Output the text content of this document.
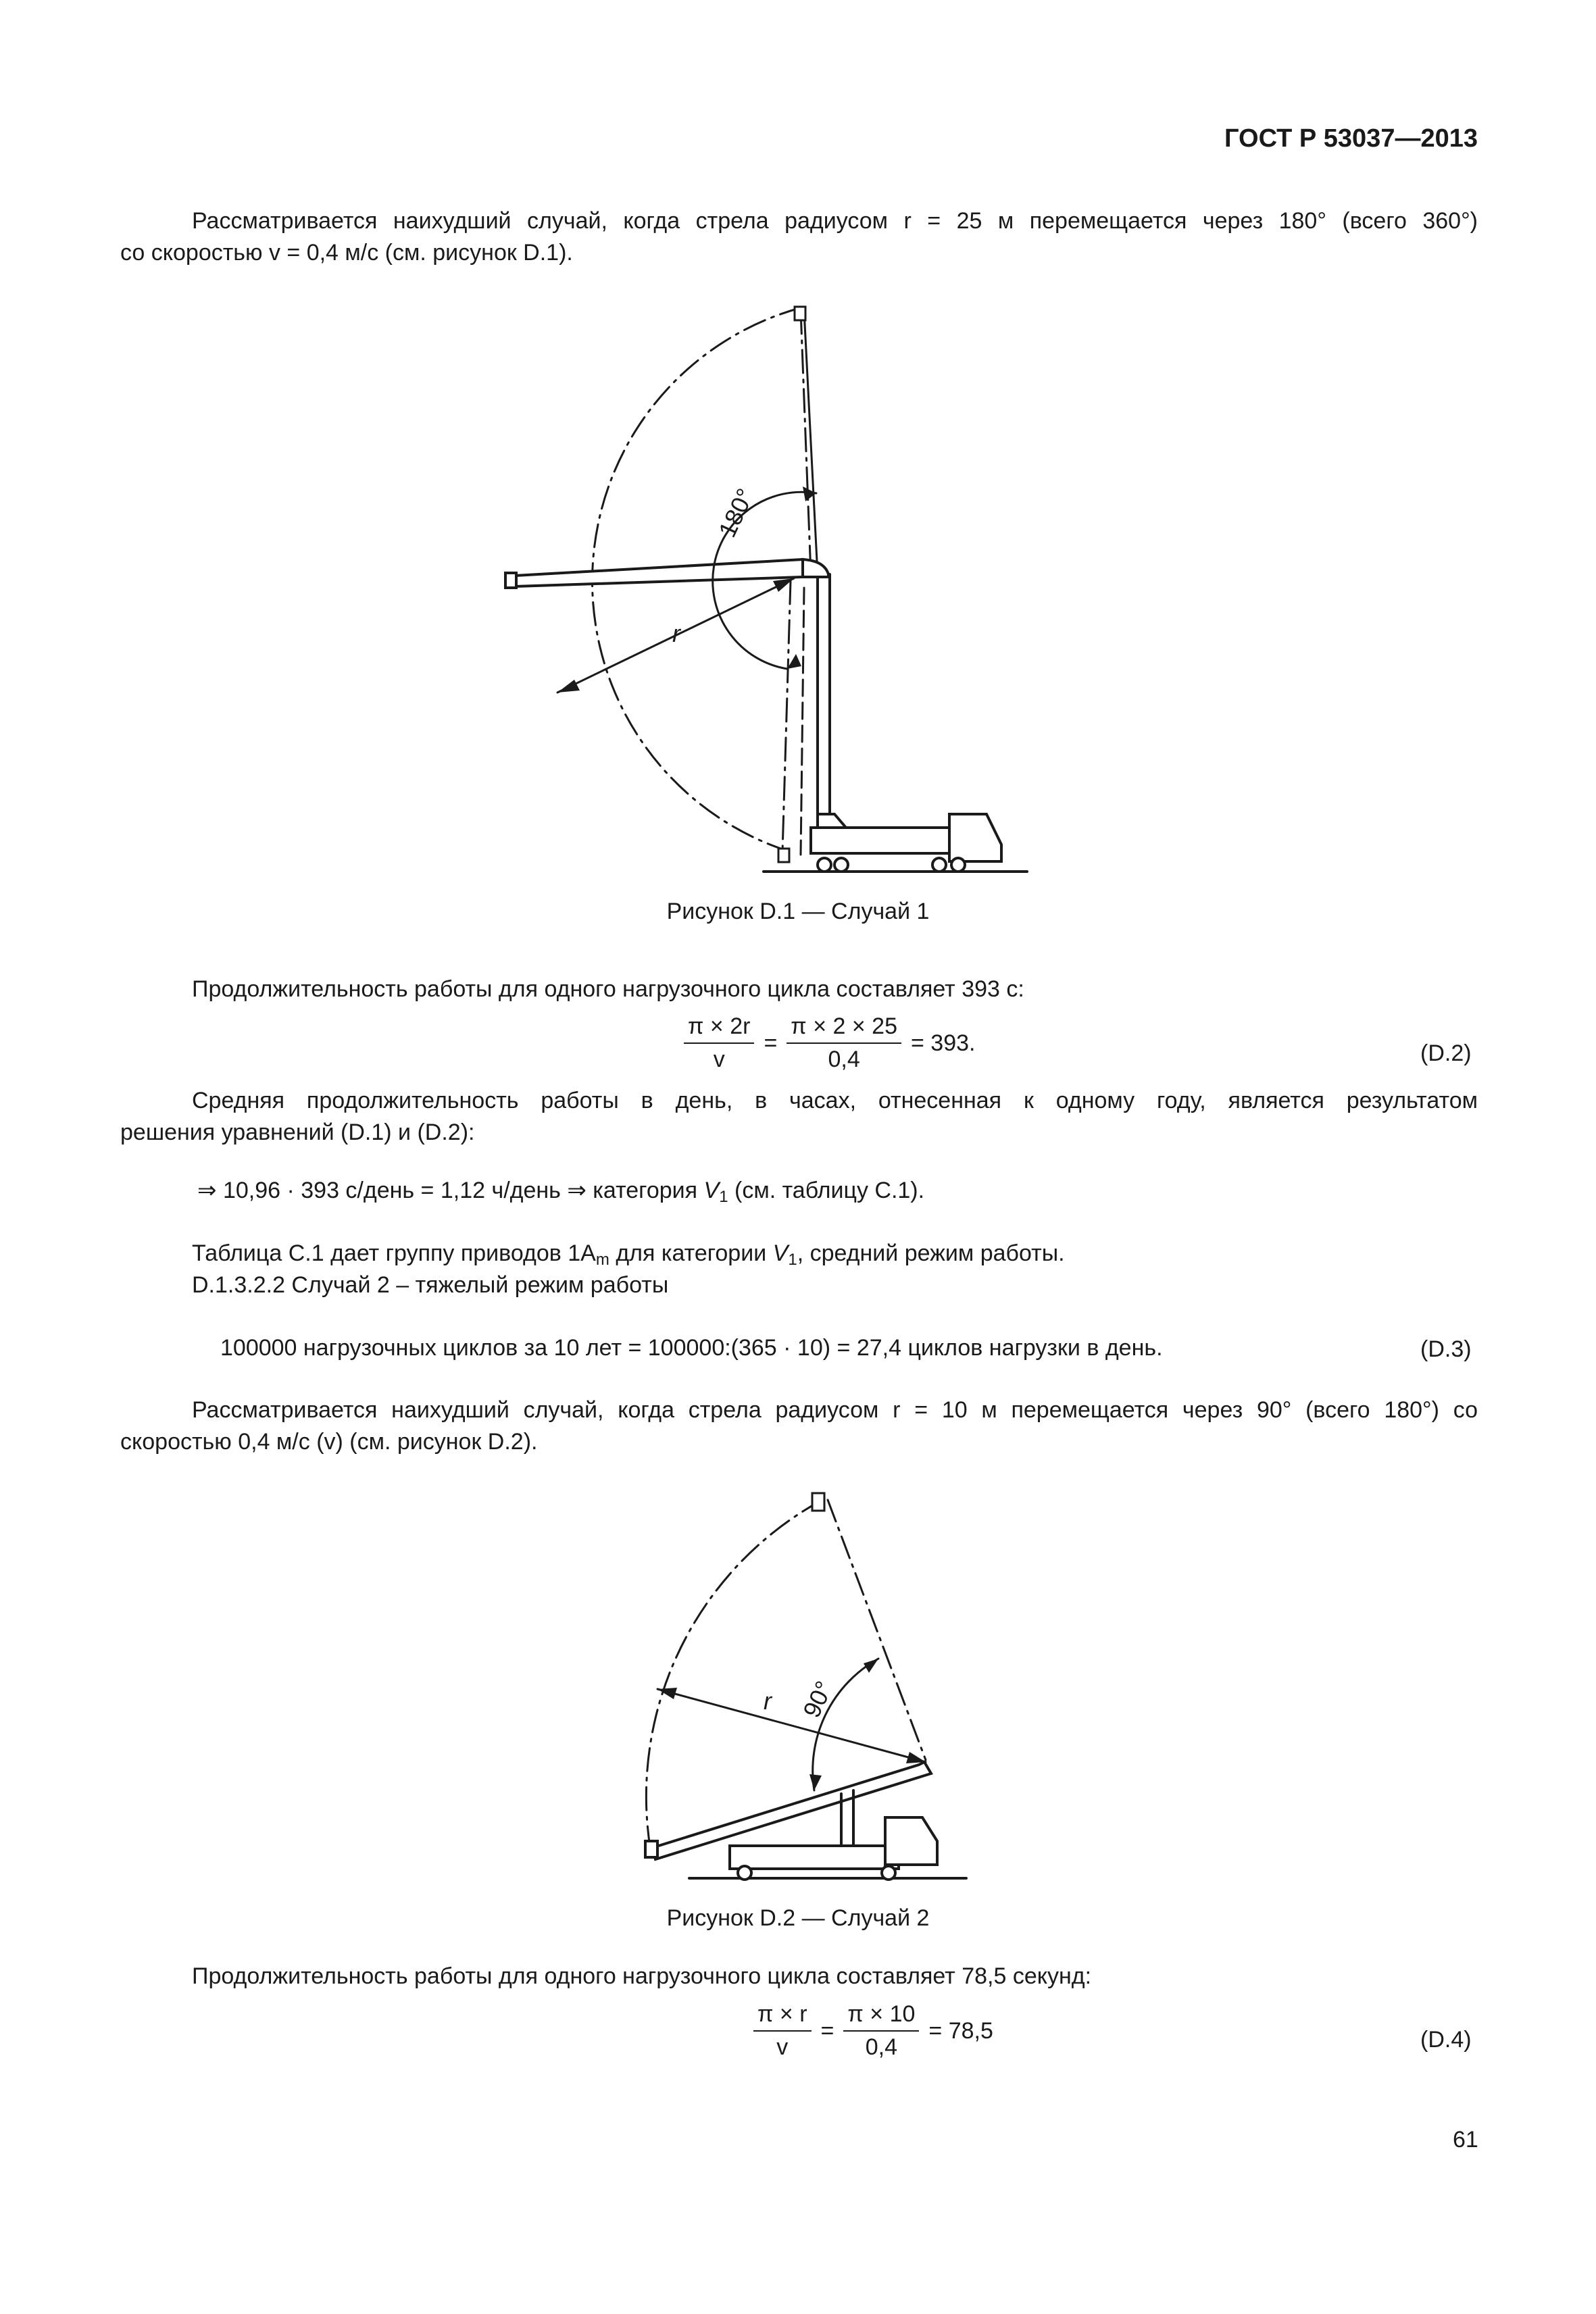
ГОСТ Р 53037—2013
Рассматривается наихудший случай, когда стрела радиусом r = 25 м перемещается через 180° (всего 360°)
со скоростью v = 0,4 м/с (см. рисунок D.1).
180°
r
Рисунок D.1 — Случай 1
Продолжительность работы для одного нагрузочного цикла составляет 393 с:
$\frac{\pi \times 2r}{v} = \frac{\pi \times 2 \times 25}{0,4} = 393$.	(D.2)
Средняя продолжительность работы в день, в часах, отнесенная к одному году, является результатом
решения уравнений (D.1) и (D.2):
⇒ 10,96 · 393 с/день = 1,12 ч/день ⇒ категория $V_1$ (см. таблицу С.1).
Таблица С.1 дает группу приводов $1А_m$ для категории $V_1$, средний режим работы.
D.1.3.2.2 Случай 2 – тяжелый режим работы
100000 нагрузочных циклов за 10 лет = 100000:(365 · 10) = 27,4 циклов нагрузки в день.	(D.3)
Рассматривается наихудший случай, когда стрела радиусом r = 10 м перемещается через 90° (всего 180°) со
скоростью 0,4 м/с (v) (см. рисунок D.2).
r 90°
Рисунок D.2 — Случай 2
Продолжительность работы для одного нагрузочного цикла составляет 78,5 секунд:
$\frac{\pi \times r}{v} = \frac{\pi \times 10}{0,4} = 78,5$	(D.4)
61
